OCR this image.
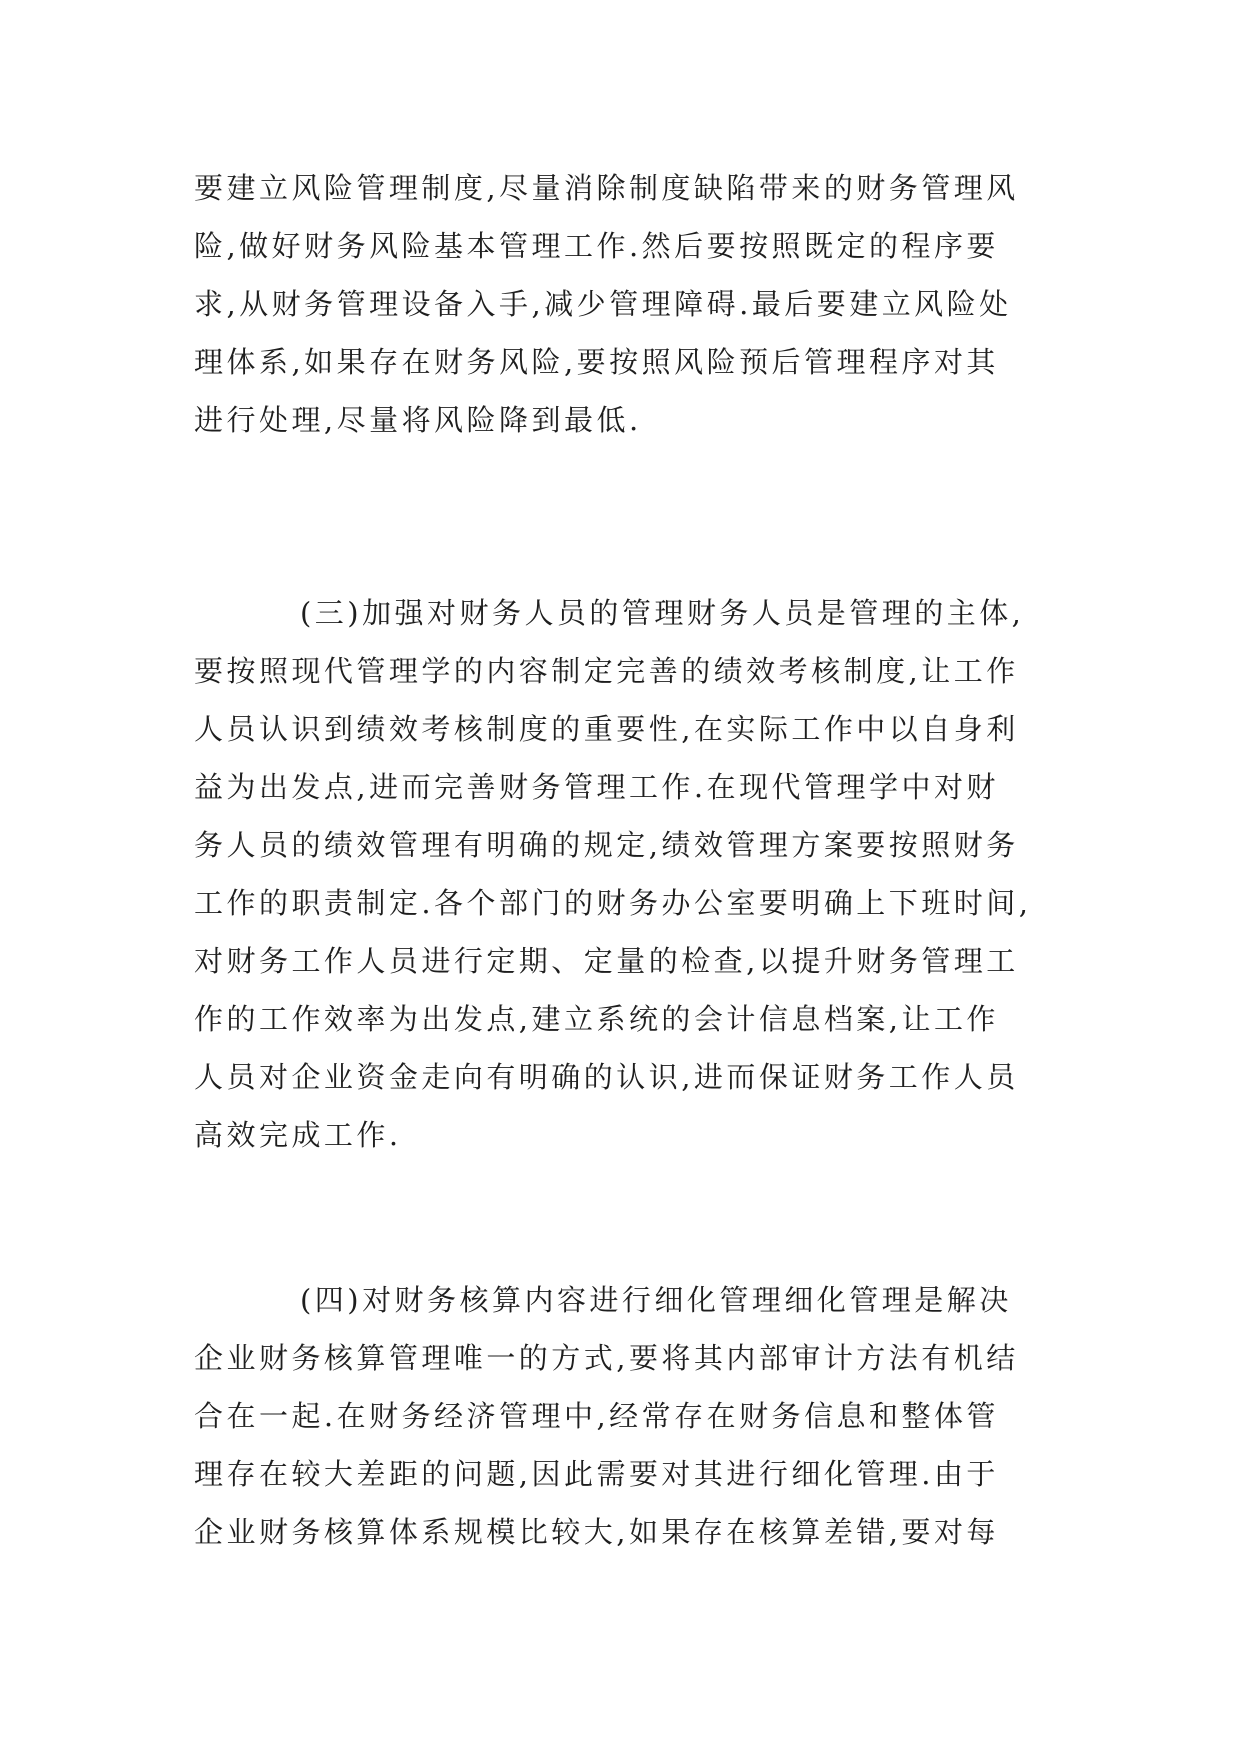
要建立风险管理制度,尽量消除制度缺陷带来的财务管理风
险,做好财务风险基本管理工作.然后要按照既定的程序要
求,从财务管理设备入手,减少管理障碍.最后要建立风险处
理体系,如果存在财务风险,要按照风险预后管理程序对其
进行处理,尽量将风险降到最低.
(三)加强对财务人员的管理财务人员是管理的主体,
要按照现代管理学的内容制定完善的绩效考核制度,让工作
人员认识到绩效考核制度的重要性,在实际工作中以自身利
益为出发点,进而完善财务管理工作.在现代管理学中对财
务人员的绩效管理有明确的规定,绩效管理方案要按照财务
工作的职责制定.各个部门的财务办公室要明确上下班时间,
对财务工作人员进行定期、定量的检查,以提升财务管理工
作的工作效率为出发点,建立系统的会计信息档案,让工作
人员对企业资金走向有明确的认识,进而保证财务工作人员
高效完成工作.
(四)对财务核算内容进行细化管理细化管理是解决
企业财务核算管理唯一的方式,要将其内部审计方法有机结
合在一起.在财务经济管理中,经常存在财务信息和整体管
理存在较大差距的问题,因此需要对其进行细化管理.由于
企业财务核算体系规模比较大,如果存在核算差错,要对每
